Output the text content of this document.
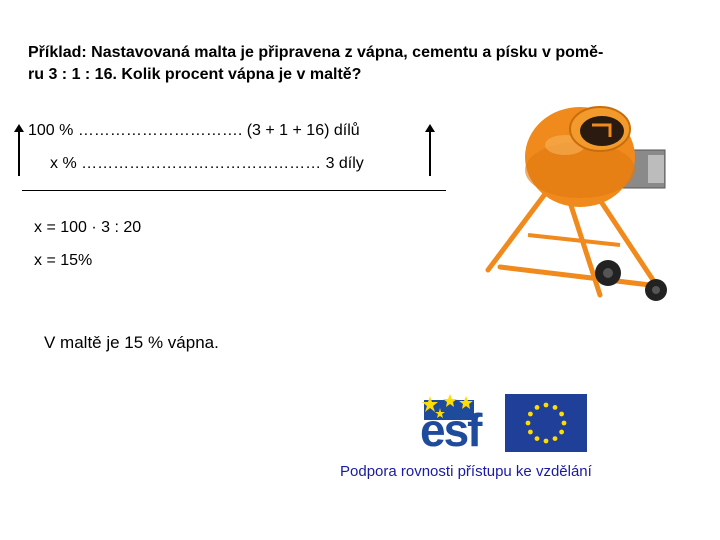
Příklad: Nastavovaná malta je připravena z vápna, cementu a písku v pomě-
ru 3 : 1 : 16. Kolik procent vápna je v maltě?
100 % …………………………. (3 + 1 + 16) dílů
x % ……………………………………… 3 díly
x = 100 · 3 : 20
x = 15%
V maltě je 15 % vápna.
esf
Podpora rovnosti přístupu ke vzdělání
